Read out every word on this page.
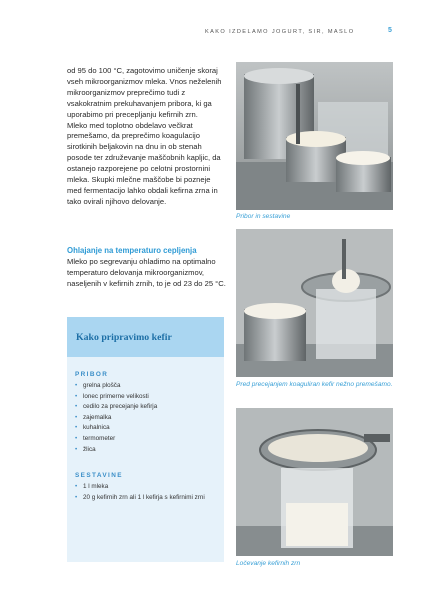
KAKO IZDELAMO JOGURT, SIR, MASLO	5

od 95 do 100 °C, zagotovimo uničenje skoraj vseh mikroorganizmov mleka. Vnos neželenih mikroorganizmov preprečimo tudi z vsakokratnim prekuhavanjem pribora, ki ga uporabimo pri precepljanju kefirnih zrn.

Mleko med toplotno obdelavo večkrat premešamo, da preprečimo koagulacijo sirotkinih beljakovin na dnu in ob stenah posode ter združevanje maščobnih kapljic, da ostanejo razporejene po celotni prostornini mleka. Skupki mlečne maščobe bi pozneje med fermentacijo lahko obdali kefirna zrna in tako ovirali njihovo delovanje.

Ohlajanje na temperaturo cepljenja
Mleko po segrevanju ohladimo na optimalno temperaturo delovanja mikroorganizmov, naseljenih v kefirnih zrnih, to je od 23 do 25 °C.
Kako pripravimo kefir
PRIBOR
• grelna plošča
• lonec primerne velikosti
• cedilo za precejanje kefirja
• zajemalka
• kuhalnica
• termometer
• žlica
SESTAVINE
• 1 l mleka
• 20 g kefirnih zrn ali 1 l kefirja s kefirnimi zrni
Pribor in sestavine
Pred precejanjem koaguliran kefir nežno premešamo.
Ločevanje kefirnih zrn
